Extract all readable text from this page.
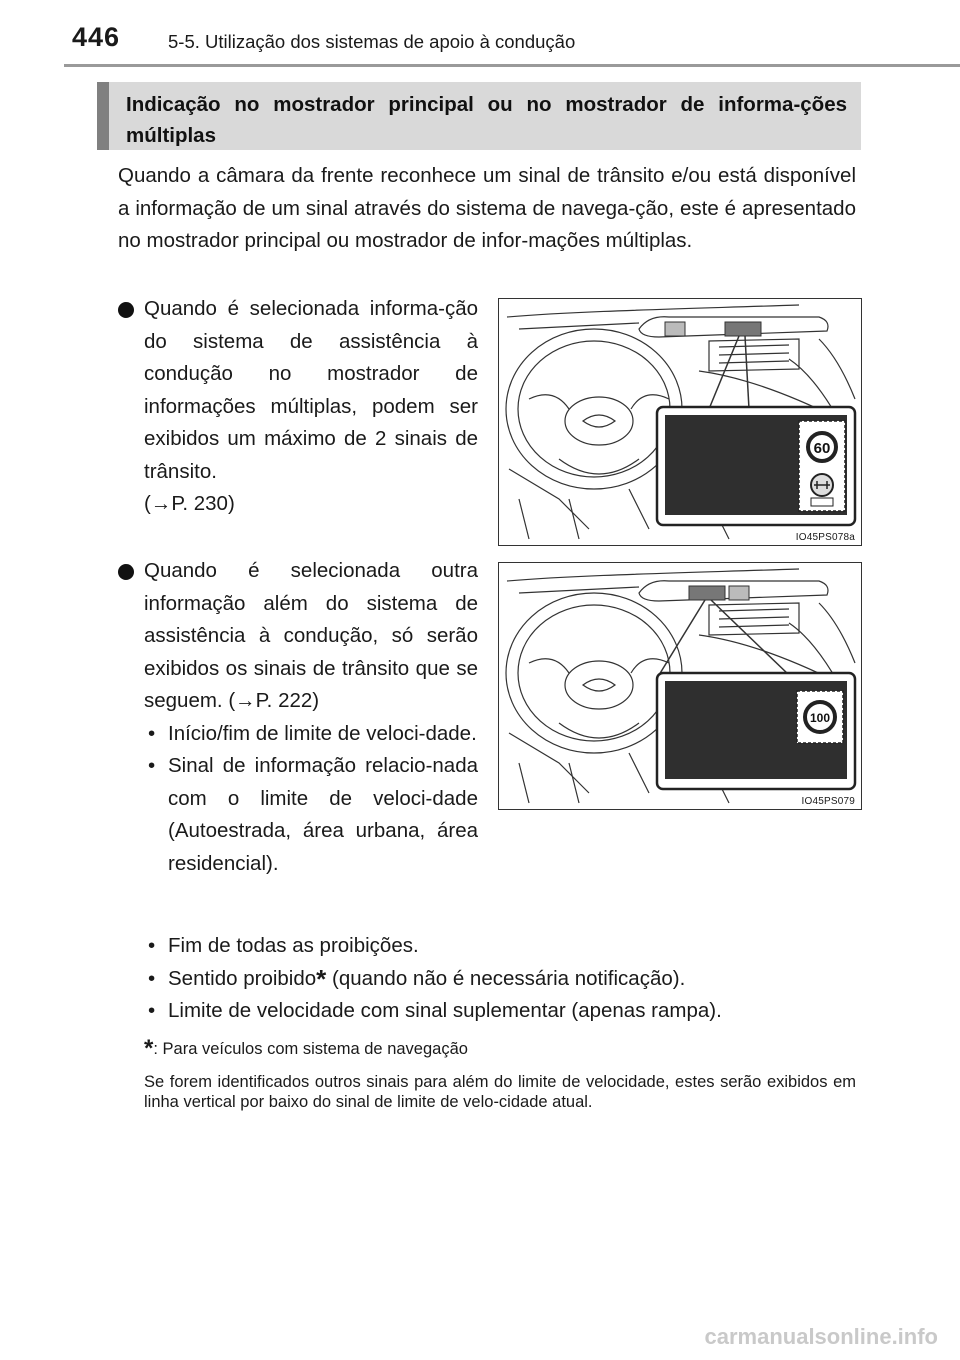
446	5-5. Utilização dos sistemas de apoio à condução
Indicação no mostrador principal ou no mostrador de informa-ções múltiplas
Quando a câmara da frente reconhece um sinal de trânsito e/ou está disponível a informação de um sinal através do sistema de navega-ção, este é apresentado no mostrador principal ou mostrador de infor-mações múltiplas.
Quando é selecionada informa-ção do sistema de assistência à condução no mostrador de informações múltiplas, podem ser exibidos um máximo de 2 sinais de trânsito.
(→P. 230)
Quando é selecionada outra informação além do sistema de assistência à condução, só serão exibidos os sinais de trânsito que se seguem. (→P. 222)
• Início/fim de limite de veloci-dade.
• Sinal de informação relacio-nada com o limite de veloci-dade (Autoestrada, área urbana, área residencial).
• Fim de todas as proibições.
• Sentido proibido* (quando não é necessária notificação).
• Limite de velocidade com sinal suplementar (apenas rampa).
*: Para veículos com sistema de navegação
Se forem identificados outros sinais para além do limite de velocidade, estes serão exibidos em linha vertical por baixo do sinal de limite de velo-cidade atual.
60
IO45PS078a
100
IO45PS079
carmanualsonline.info
